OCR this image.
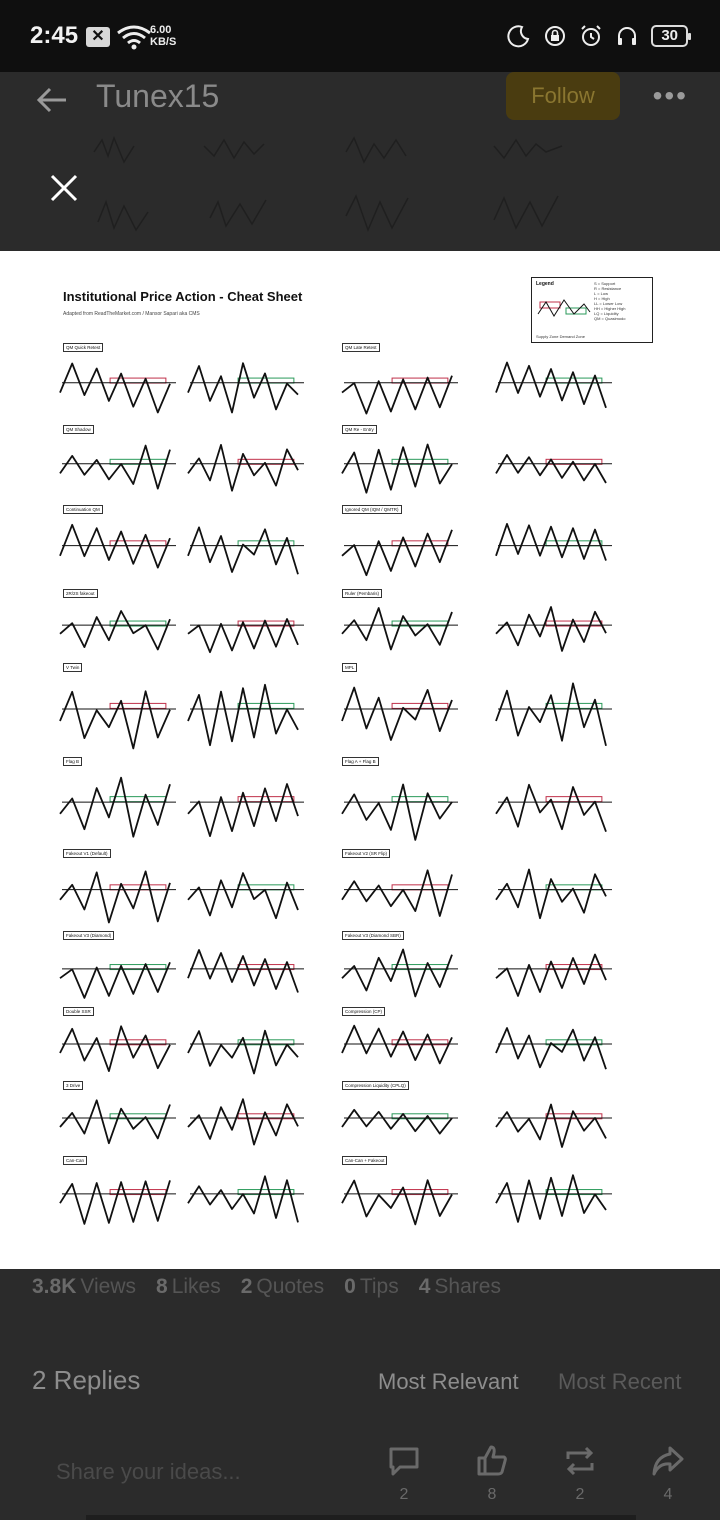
2:45 ✕	6.00
KB/S	30
Tunex15	Follow	•••
Institutional Price Action - Cheat Sheet
Adapted from ReadTheMarket.com / Mansor Sapari aka CMS
Legend	S = Support
R = Resistance
L = Low
H = High
LL = Lower Low
HH = Higher High
LQ = Liquidity
QM = Quasimodo
Supply Zone Demand Zone
QM Quick Retest
QM Shadow
Continuation QM
2R/2S fakeout
V Twin
Flag B
Fakeout V1 (Default)
Fakeout V3 (Diamond)
Double SSR
3 Drive
Can-Can
QM Late Retest
QM Re - Entry
Ignored QM (IQM / QMTR)
Ruler (Pembaris)
MPL
Flag A + Flag B
Fakeout V2 (SR Flip)
Fakeout V3 (Diamond SBR)
Compression (CP)
Compression Liquidity (CPLQ)
Can-Can + Fakeout
3.8K Views 8 Likes 2 Quotes 0 Tips 4 Shares
2 Replies	Most Relevant Most Recent
Share your ideas...
2	8	2	4
